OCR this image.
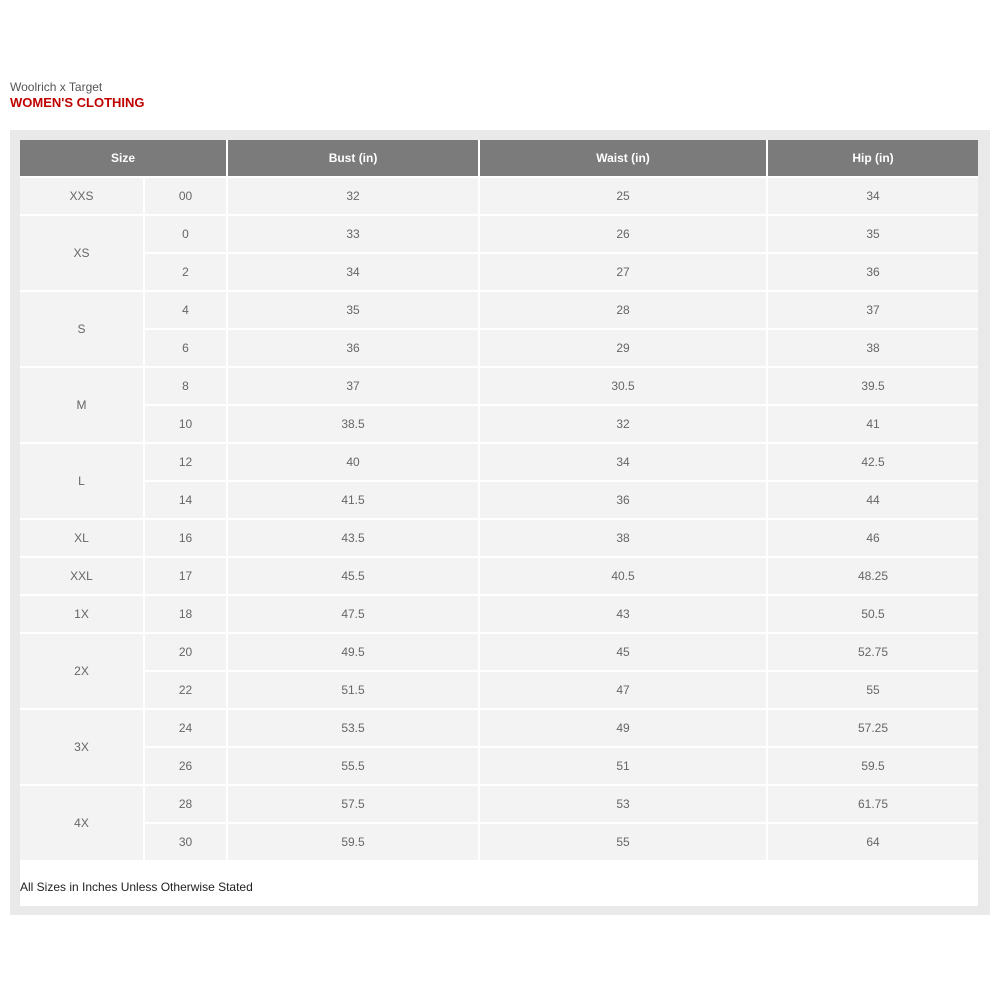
Woolrich x Target
WOMEN'S CLOTHING
Size		Bust (in)	Waist (in)	Hip (in)
XXS	00	32	25	34
XS	0	33	26	35
	2	34	27	36
S	4	35	28	37
	6	36	29	38
M	8	37	30.5	39.5
	10	38.5	32	41
L	12	40	34	42.5
	14	41.5	36	44
XL	16	43.5	38	46
XXL	17	45.5	40.5	48.25
1X	18	47.5	43	50.5
2X	20	49.5	45	52.75
	22	51.5	47	55
3X	24	53.5	49	57.25
	26	55.5	51	59.5
4X	28	57.5	53	61.75
	30	59.5	55	64
All Sizes in Inches Unless Otherwise Stated
